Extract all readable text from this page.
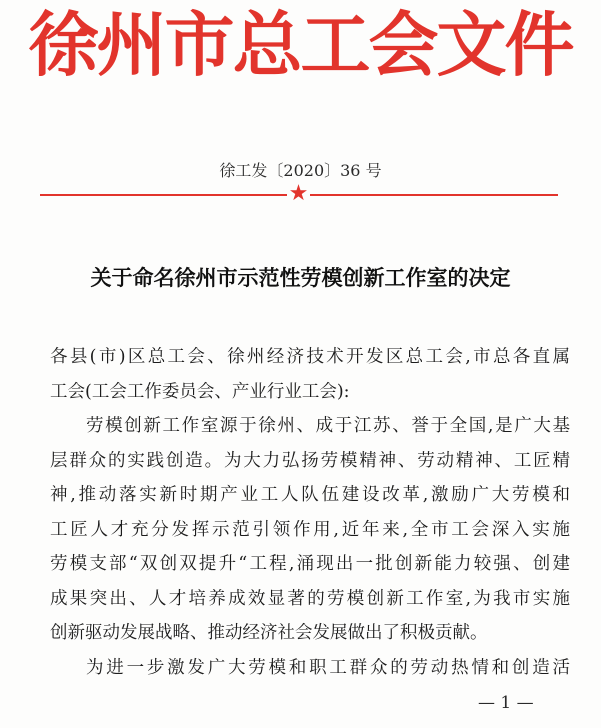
徐州市总工会文件
徐工发〔2020〕36 号
★
关于命名徐州市示范性劳模创新工作室的决定
各县(市)区总工会、徐州经济技术开发区总工会,市总各直属
工会(工会工作委员会、产业行业工会):
劳模创新工作室源于徐州、成于江苏、誉于全国,是广大基
层群众的实践创造。为大力弘扬劳模精神、劳动精神、工匠精
神,推动落实新时期产业工人队伍建设改革,激励广大劳模和
工匠人才充分发挥示范引领作用,近年来,全市工会深入实施
劳模支部“双创双提升“工程,涌现出一批创新能力较强、创建
成果突出、人才培养成效显著的劳模创新工作室,为我市实施
创新驱动发展战略、推动经济社会发展做出了积极贡献。
为进一步激发广大劳模和职工群众的劳动热情和创造活
— 1 —
